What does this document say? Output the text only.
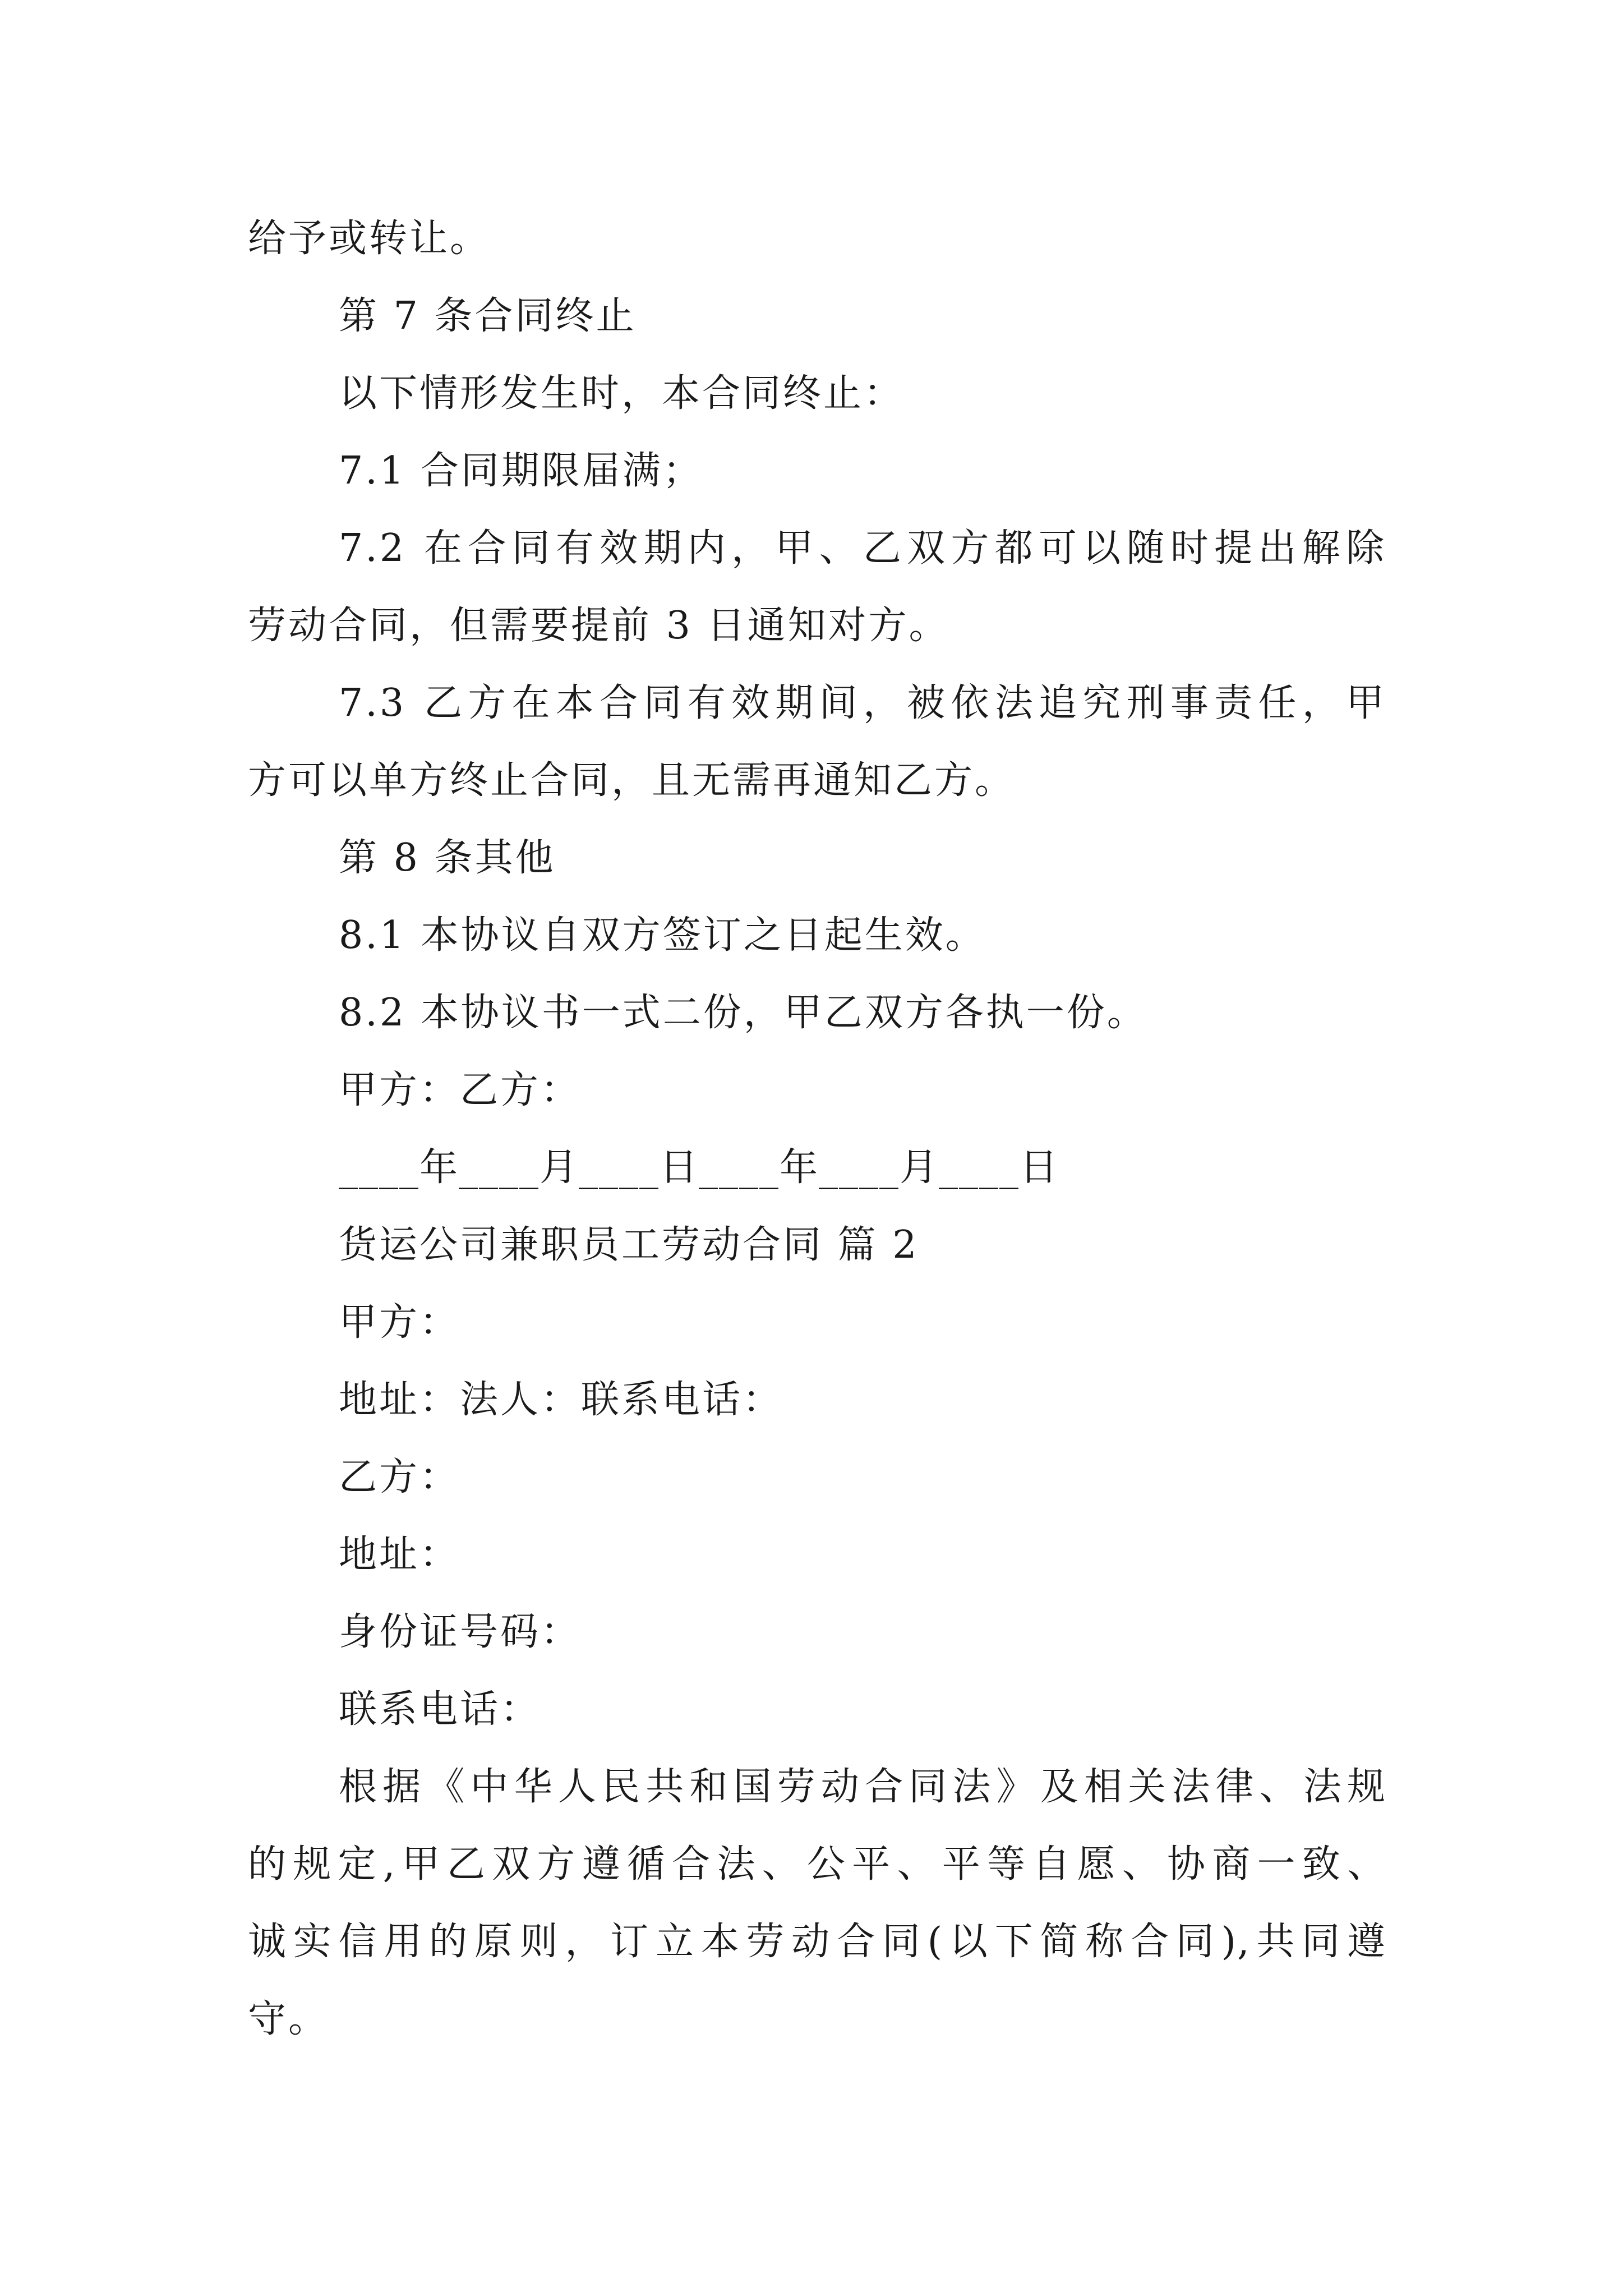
给予或转让。
第 7 条合同终止
以下情形发生时，本合同终止：
7.1 合同期限届满；
7.2 在合同有效期内，甲、乙双方都可以随时提出解除
劳动合同，但需要提前 3 日通知对方。
7.3 乙方在本合同有效期间，被依法追究刑事责任，甲
方可以单方终止合同，且无需再通知乙方。
第 8 条其他
8.1 本协议自双方签订之日起生效。
8.2 本协议书一式二份，甲乙双方各执一份。
甲方：乙方：
____年____月____日____年____月____日
货运公司兼职员工劳动合同 篇 2
甲方：
地址：法人：联系电话：
乙方：
地址：
身份证号码：
联系电话：
根据《中华人民共和国劳动合同法》及相关法律、法规
的规定,甲乙双方遵循合法、公平、平等自愿、协商一致、
诚实信用的原则，订立本劳动合同(以下简称合同),共同遵
守。
